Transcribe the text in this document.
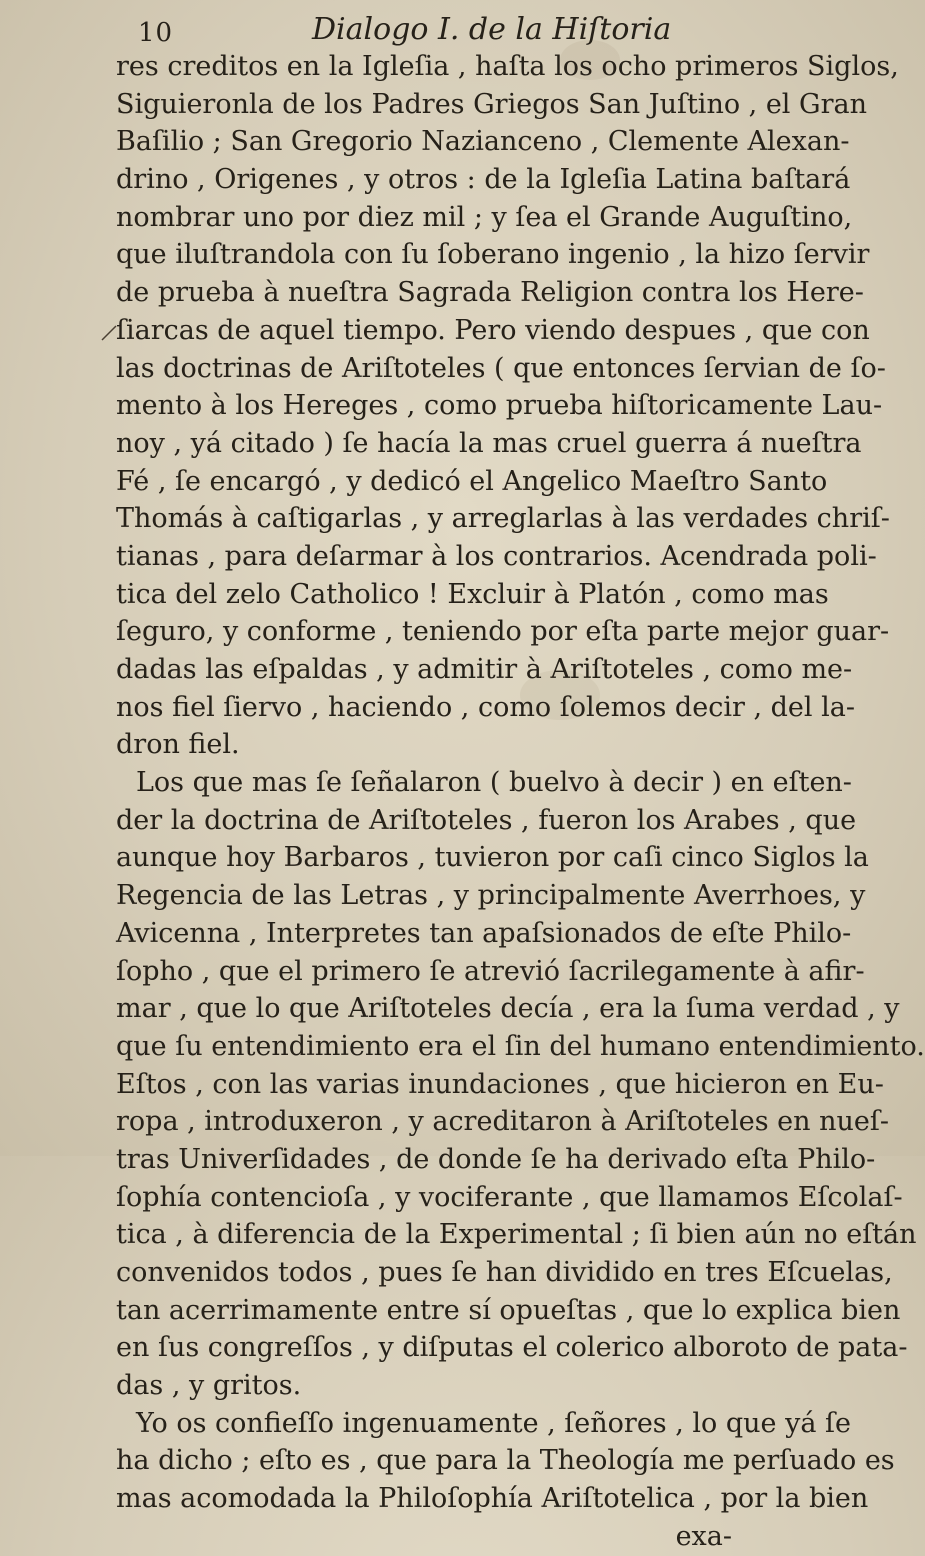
10	Dialogo I. de la Hiſtoria
res creditos en la Igleſia , haſta los ocho primeros Siglos,
Siguieronla de los Padres Griegos San Juſtino , el Gran
Baſilio ; San Gregorio Nazianceno , Clemente Alexan-
drino , Origenes , y otros : de la Igleſia Latina baſtará
nombrar uno por diez mil ; y ſea el Grande Auguſtino,
que iluſtrandola con ſu ſoberano ingenio , la hizo ſervir
de prueba à nueſtra Sagrada Religion contra los Here-
ſiarcas de aquel tiempo. Pero viendo despues , que con
las doctrinas de Ariſtoteles ( que entonces ſervian de ſo-
mento à los Hereges , como prueba hiſtoricamente Lau-
noy , yá citado ) ſe hacía la mas cruel guerra á nueſtra
Fé , ſe encargó , y dedicó el Angelico Maeſtro Santo
Thomás à caſtigarlas , y arreglarlas à las verdades chriſ-
tianas , para deſarmar à los contrarios. Acendrada poli-
tica del zelo Catholico ! Excluir à Platón , como mas
ſeguro, y conforme , teniendo por eſta parte mejor guar-
dadas las eſpaldas , y admitir à Ariſtoteles , como me-
nos fiel ſiervo , haciendo , como ſolemos decir , del la-
dron fiel.
Los que mas ſe ſeñalaron ( buelvo à decir ) en eſten-
der la doctrina de Ariſtoteles , fueron los Arabes , que
aunque hoy Barbaros , tuvieron por caſi cinco Siglos la
Regencia de las Letras , y principalmente Averrhoes, y
Avicenna , Interpretes tan apaſsionados de eſte Philo-
ſopho , que el primero ſe atrevió ſacrilegamente à afir-
mar , que lo que Ariſtoteles decía , era la ſuma verdad , y
que ſu entendimiento era el ſin del humano entendimiento.
Eſtos , con las varias inundaciones , que hicieron en Eu-
ropa , introduxeron , y acreditaron à Ariſtoteles en nueſ-
tras Univerſidades , de donde ſe ha derivado eſta Philo-
ſophía contencioſa , y vociferante , que llamamos Eſcolaſ-
tica , à diferencia de la Experimental ; ſi bien aún no eſtán
convenidos todos , pues ſe han dividido en tres Eſcuelas,
tan acerrimamente entre sí opueſtas , que lo explica bien
en ſus congreſſos , y diſputas el colerico alboroto de pata-
das , y gritos.
Yo os confieſſo ingenuamente , ſeñores , lo que yá ſe
ha dicho ; eſto es , que para la Theología me perſuado es
mas acomodada la Philoſophía Ariſtotelica , por la bien
exa-
